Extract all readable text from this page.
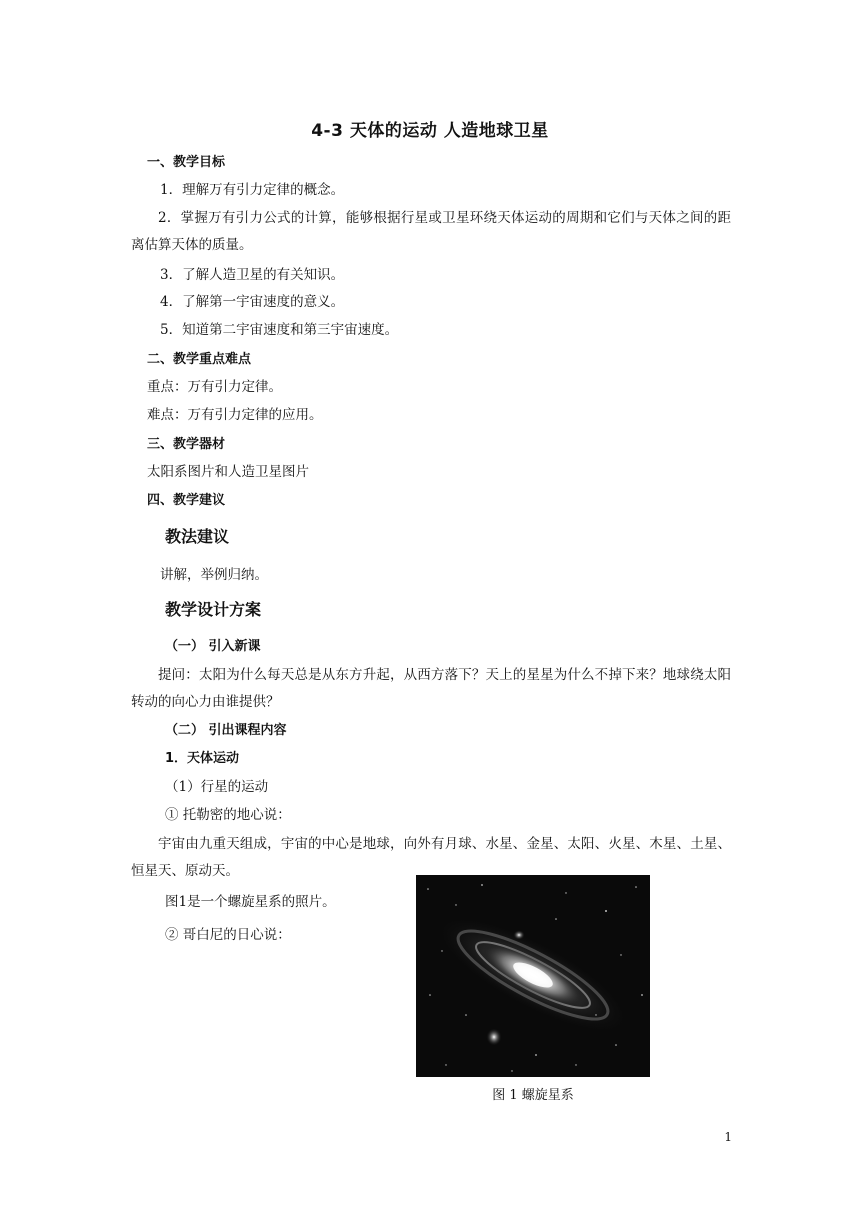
4-3 天体的运动 人造地球卫星
一、教学目标
1．理解万有引力定律的概念。
2．掌握万有引力公式的计算，能够根据行星或卫星环绕天体运动的周期和它们与天体之间的距离估算天体的质量。
3．了解人造卫星的有关知识。
4．了解第一宇宙速度的意义。
5．知道第二宇宙速度和第三宇宙速度。
二、教学重点难点
重点：万有引力定律。
难点：万有引力定律的应用。
三、教学器材
太阳系图片和人造卫星图片
四、教学建议
教法建议
讲解，举例归纳。
教学设计方案
（一） 引入新课
提问：太阳为什么每天总是从东方升起，从西方落下？天上的星星为什么不掉下来？地球绕太阳转动的向心力由谁提供？
（二） 引出课程内容
1．天体运动
（1）行星的运动
① 托勒密的地心说：
宇宙由九重天组成，宇宙的中心是地球，向外有月球、水星、金星、太阳、火星、木星、土星、恒星天、原动天。
图1是一个螺旋星系的照片。
② 哥白尼的日心说：
图 1 螺旋星系
1
